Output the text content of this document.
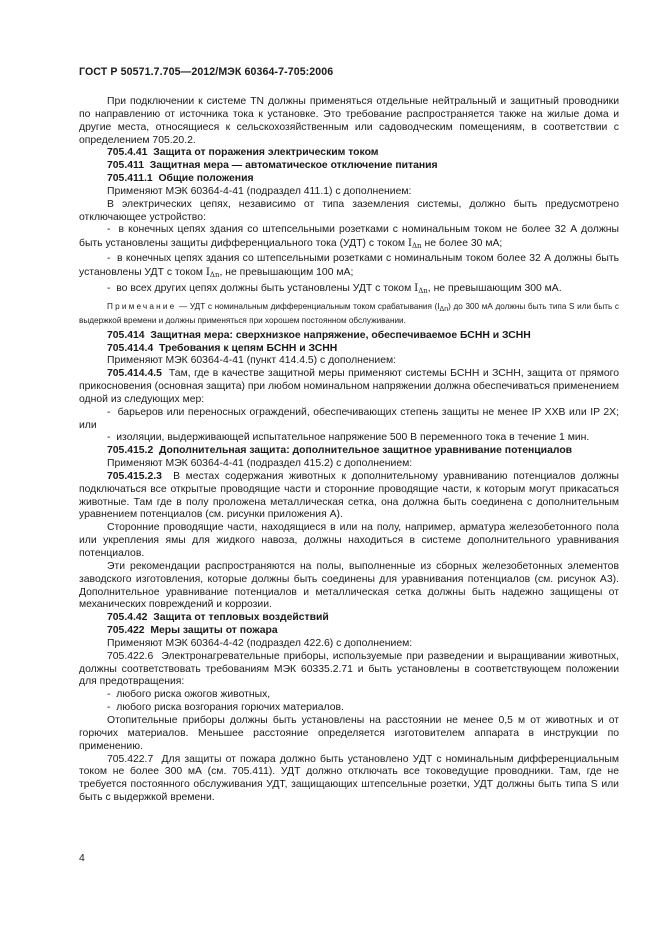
ГОСТ Р 50571.7.705—2012/МЭК 60364-7-705:2006

При подключении к системе TN должны применяться отдельные нейтральный и защитный проводники по направлению от источника тока к установке. Это требование распространяется также на жилые дома и другие места, относящиеся к сельскохозяйственным или садоводческим помещениям, в соответствии с определением 705.20.2.

705.4.41 Защита от поражения электрическим током

705.411 Защитная мера — автоматическое отключение питания

705.411.1 Общие положения

Применяют МЭК 60364-4-41 (подраздел 411.1) с дополнением:

В электрических цепях, независимо от типа заземления системы, должно быть предусмотрено отключающее устройство:

- в конечных цепях здания со штепсельными розетками с номинальным током не более 32 А должны быть установлены защиты дифференциального тока (УДТ) с током $I_{\Delta n}$ не более 30 мА;

- в конечных цепях здания со штепсельными розетками с номинальным током более 32 А должны быть установлены УДТ с током $I_{\Delta n}$, не превышающим 100 мА;

- во всех других цепях должны быть установлены УДТ с током $I_{\Delta n}$, не превышающим 300 мА.

Примечание — УДТ с номинальным дифференциальным током срабатывания (IΔn) до 300 мА должны быть типа S или быть с выдержкой времени и должны применяться при хорошем постоянном обслуживании.

705.414 Защитная мера: сверхнизкое напряжение, обеспечиваемое БСНН и ЗСНН

705.414.4 Требования к цепям БСНН и ЗСНН

Применяют МЭК 60364-4-41 (пункт 414.4.5) с дополнением:

705.414.4.5 Там, где в качестве защитной меры применяют системы БСНН и ЗСНН, защита от прямого прикосновения (основная защита) при любом номинальном напряжении должна обеспечиваться применением одной из следующих мер:

- барьеров или переносных ограждений, обеспечивающих степень защиты не менее IP XXB или IP 2X; или

- изоляции, выдерживающей испытательное напряжение 500 В переменного тока в течение 1 мин.

705.415.2 Дополнительная защита: дополнительное защитное уравнивание потенциалов

Применяют МЭК 60364-4-41 (подраздел 415.2) с дополнением:

705.415.2.3 В местах содержания животных к дополнительному уравниванию потенциалов должны подключаться все открытые проводящие части и сторонние проводящие части, к которым могут прикасаться животные. Там где в полу проложена металлическая сетка, она должна быть соединена с дополнительным уравнением потенциалов (см. рисунки приложения А).

Сторонние проводящие части, находящиеся в или на полу, например, арматура железобетонного пола или укрепления ямы для жидкого навоза, должны находиться в системе дополнительного уравнивания потенциалов.

Эти рекомендации распространяются на полы, выполненные из сборных железобетонных элементов заводского изготовления, которые должны быть соединены для уравнивания потенциалов (см. рисунок А3). Дополнительное уравнивание потенциалов и металлическая сетка должны быть надежно защищены от механических повреждений и коррозии.

705.4.42 Защита от тепловых воздействий

705.422 Меры защиты от пожара

Применяют МЭК 60364-4-42 (подраздел 422.6) с дополнением:

705.422.6 Электронагревательные приборы, используемые при разведении и выращивании животных, должны соответствовать требованиям МЭК 60335.2.71 и быть установлены в соответствующем положении для предотвращения:

- любого риска ожогов животных,

- любого риска возгорания горючих материалов.

Отопительные приборы должны быть установлены на расстоянии не менее 0,5 м от животных и от горючих материалов. Меньшее расстояние определяется изготовителем аппарата в инструкции по применению.

705.422.7 Для защиты от пожара должно быть установлено УДТ с номинальным дифференциальным током не более 300 мА (см. 705.411). УДТ должно отключать все токоведущие проводники. Там, где не требуется постоянного обслуживания УДТ, защищающих штепсельные розетки, УДТ должны быть типа S или быть с выдержкой времени.

4
